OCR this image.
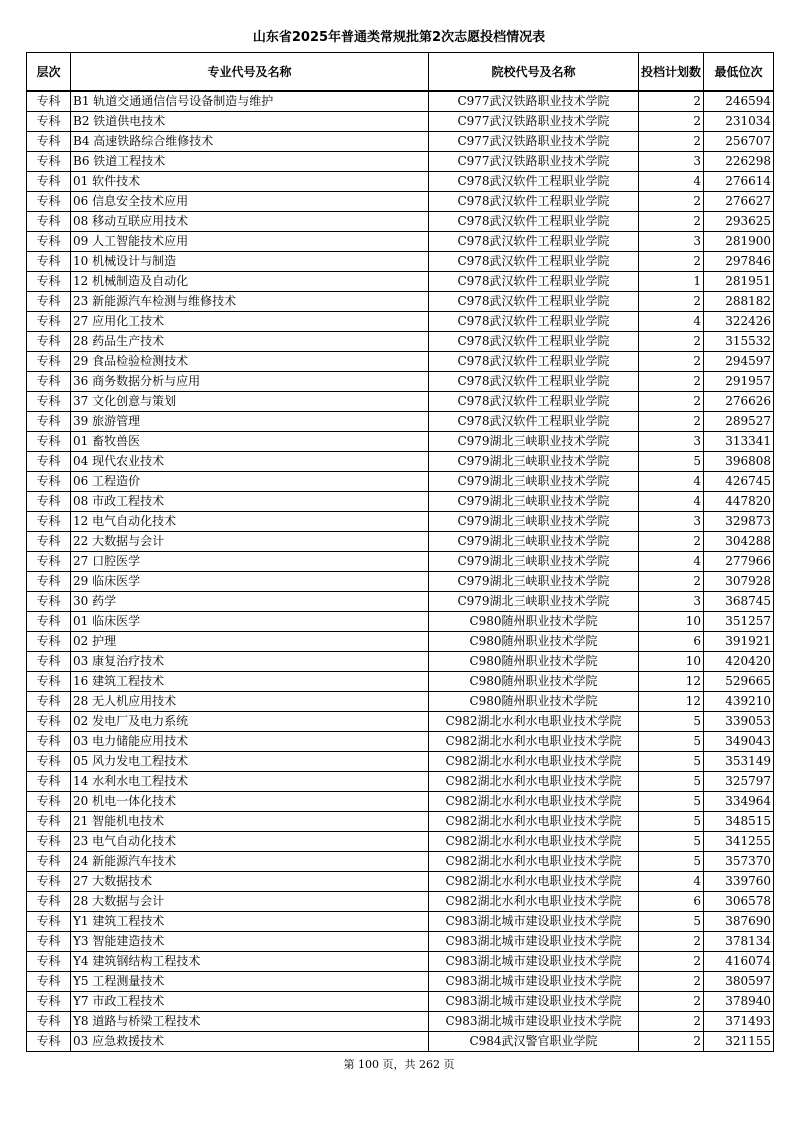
山东省2025年普通类常规批第2次志愿投档情况表
层次	专业代号及名称	院校代号及名称	投档计划数	最低位次
专科	B1 轨道交通通信信号设备制造与维护	C977武汉铁路职业技术学院	2	246594
专科	B2 铁道供电技术	C977武汉铁路职业技术学院	2	231034
专科	B4 高速铁路综合维修技术	C977武汉铁路职业技术学院	2	256707
专科	B6 铁道工程技术	C977武汉铁路职业技术学院	3	226298
专科	01 软件技术	C978武汉软件工程职业学院	4	276614
专科	06 信息安全技术应用	C978武汉软件工程职业学院	2	276627
专科	08 移动互联应用技术	C978武汉软件工程职业学院	2	293625
专科	09 人工智能技术应用	C978武汉软件工程职业学院	3	281900
专科	10 机械设计与制造	C978武汉软件工程职业学院	2	297846
专科	12 机械制造及自动化	C978武汉软件工程职业学院	1	281951
专科	23 新能源汽车检测与维修技术	C978武汉软件工程职业学院	2	288182
专科	27 应用化工技术	C978武汉软件工程职业学院	4	322426
专科	28 药品生产技术	C978武汉软件工程职业学院	2	315532
专科	29 食品检验检测技术	C978武汉软件工程职业学院	2	294597
专科	36 商务数据分析与应用	C978武汉软件工程职业学院	2	291957
专科	37 文化创意与策划	C978武汉软件工程职业学院	2	276626
专科	39 旅游管理	C978武汉软件工程职业学院	2	289527
专科	01 畜牧兽医	C979湖北三峡职业技术学院	3	313341
专科	04 现代农业技术	C979湖北三峡职业技术学院	5	396808
专科	06 工程造价	C979湖北三峡职业技术学院	4	426745
专科	08 市政工程技术	C979湖北三峡职业技术学院	4	447820
专科	12 电气自动化技术	C979湖北三峡职业技术学院	3	329873
专科	22 大数据与会计	C979湖北三峡职业技术学院	2	304288
专科	27 口腔医学	C979湖北三峡职业技术学院	4	277966
专科	29 临床医学	C979湖北三峡职业技术学院	2	307928
专科	30 药学	C979湖北三峡职业技术学院	3	368745
专科	01 临床医学	C980随州职业技术学院	10	351257
专科	02 护理	C980随州职业技术学院	6	391921
专科	03 康复治疗技术	C980随州职业技术学院	10	420420
专科	16 建筑工程技术	C980随州职业技术学院	12	529665
专科	28 无人机应用技术	C980随州职业技术学院	12	439210
专科	02 发电厂及电力系统	C982湖北水利水电职业技术学院	5	339053
专科	03 电力储能应用技术	C982湖北水利水电职业技术学院	5	349043
专科	05 风力发电工程技术	C982湖北水利水电职业技术学院	5	353149
专科	14 水利水电工程技术	C982湖北水利水电职业技术学院	5	325797
专科	20 机电一体化技术	C982湖北水利水电职业技术学院	5	334964
专科	21 智能机电技术	C982湖北水利水电职业技术学院	5	348515
专科	23 电气自动化技术	C982湖北水利水电职业技术学院	5	341255
专科	24 新能源汽车技术	C982湖北水利水电职业技术学院	5	357370
专科	27 大数据技术	C982湖北水利水电职业技术学院	4	339760
专科	28 大数据与会计	C982湖北水利水电职业技术学院	6	306578
专科	Y1 建筑工程技术	C983湖北城市建设职业技术学院	5	387690
专科	Y3 智能建造技术	C983湖北城市建设职业技术学院	2	378134
专科	Y4 建筑钢结构工程技术	C983湖北城市建设职业技术学院	2	416074
专科	Y5 工程测量技术	C983湖北城市建设职业技术学院	2	380597
专科	Y7 市政工程技术	C983湖北城市建设职业技术学院	2	378940
专科	Y8 道路与桥梁工程技术	C983湖北城市建设职业技术学院	2	371493
专科	03 应急救援技术	C984武汉警官职业学院	2	321155
第 100 页，共 262 页
